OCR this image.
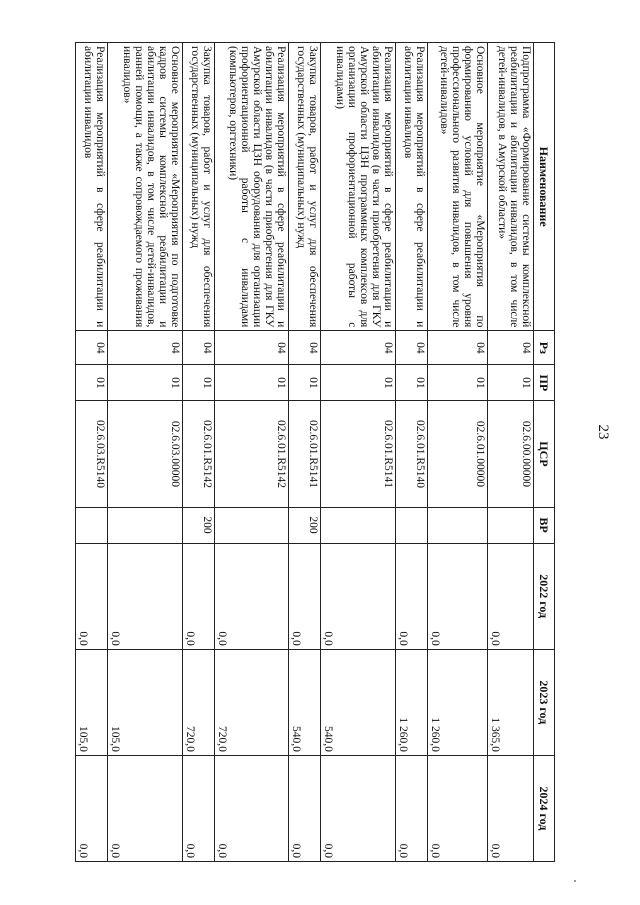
23
Наименование	Рз	ПР	ЦСР	ВР	2022 год	2023 год	2024 год
Подпрограмма «Формирование системы комплексной реабилитации и абилитации инвалидов, в том числе детей-инвалидов, в Амурской области»	04	01	02.6.00.00000		0,0	1 365,0	0,0
Основное мероприятие «Мероприятия по формированию условий для повышения уровня профессионального развития инвалидов, в том числе детей-инвалидов»	04	01	02.6.01.00000		0,0	1 260,0	0,0
Реализация мероприятий в сфере реабилитации и абилитации инвалидов	04	01	02.6.01.R5140		0,0	1 260,0	0,0
Реализация мероприятий в сфере реабилитации и абилитации инвалидов (в части приобретения для ГКУ Амурской области ЦЗН программных комплексов для организации профориентационной работы с инвалидами)	04	01	02.6.01.R5141		0,0	540,0	0,0
Закупка товаров, работ и услуг для обеспечения государственных (муниципальных) нужд	04	01	02.6.01.R5141	200	0,0	540,0	0,0
Реализация мероприятий в сфере реабилитации и абилитации инвалидов (в части приобретения для ГКУ Амурской области ЦЗН оборудования для организации профориентационной работы с инвалидами (компьютеров, оргтехники)	04	01	02.6.01.R5142		0,0	720,0	0,0
Закупка товаров, работ и услуг для обеспечения государственных (муниципальных) нужд	04	01	02.6.01.R5142	200	0,0	720,0	0,0
Основное мероприятие «Мероприятия по подготовке кадров системы комплексной реабилитации и абилитации инвалидов, в том числе детей-инвалидов, ранней помощи, а также сопровождаемого проживания инвалидов»	04	01	02.6.03.00000		0,0	105,0	0,0
Реализация мероприятий в сфере реабилитации и абилитации инвалидов	04	01	02.6.03.R5140		0,0	105,0	0,0
